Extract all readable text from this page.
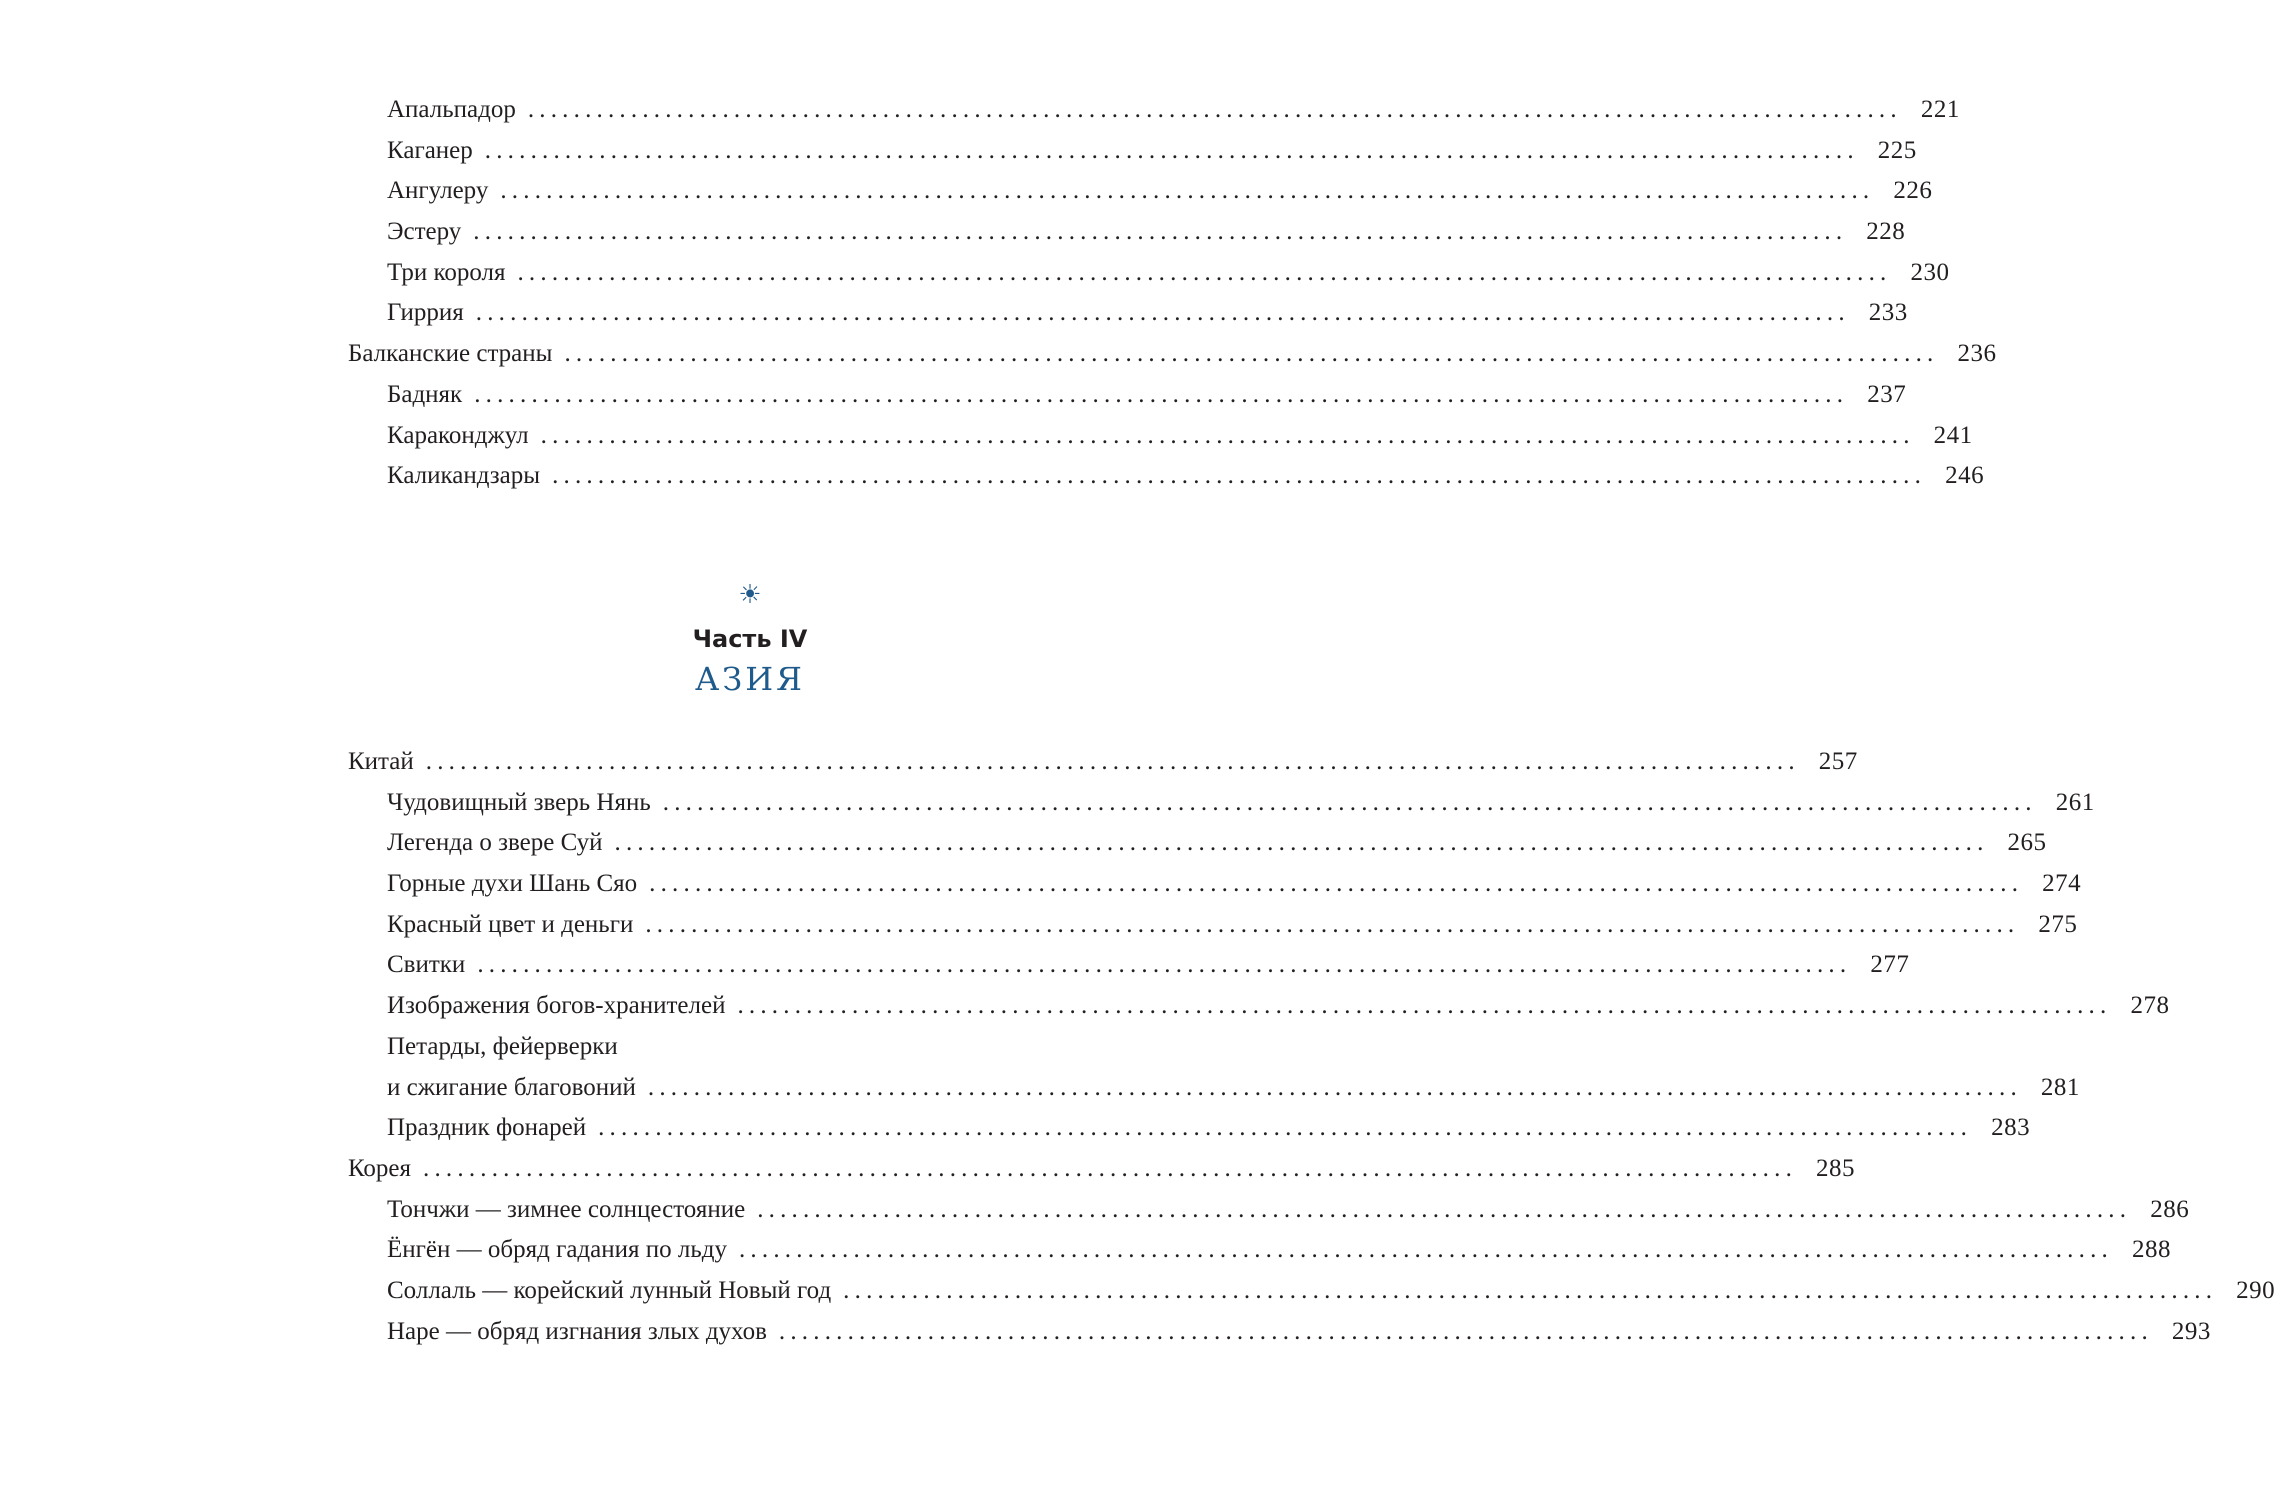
Апальпадор ........................................................................................................................ 221
Каганер ........................................................................................................................ 225
Ангулеру ........................................................................................................................ 226
Эстеру ........................................................................................................................ 228
Три короля ........................................................................................................................ 230
Гиррия ........................................................................................................................ 233
Балканские страны ........................................................................................................................ 236
Бадняк ........................................................................................................................ 237
Караконджул ........................................................................................................................ 241
Каликандзары ........................................................................................................................ 246
☀
Часть IV
АЗИЯ
Китай ........................................................................................................................ 257
Чудовищный зверь Нянь ........................................................................................................................ 261
Легенда о звере Суй ........................................................................................................................ 265
Горные духи Шань Сяо ........................................................................................................................ 274
Красный цвет и деньги ........................................................................................................................ 275
Свитки ........................................................................................................................ 277
Изображения богов-хранителей ........................................................................................................................ 278
Петарды, фейерверки
и сжигание благовоний ........................................................................................................................ 281
Праздник фонарей ........................................................................................................................ 283
Корея ........................................................................................................................ 285
Тончжи — зимнее солнцестояние ........................................................................................................................ 286
Ёнгён — обряд гадания по льду ........................................................................................................................ 288
Соллаль — корейский лунный Новый год ........................................................................................................................ 290
Наре — обряд изгнания злых духов ........................................................................................................................ 293
